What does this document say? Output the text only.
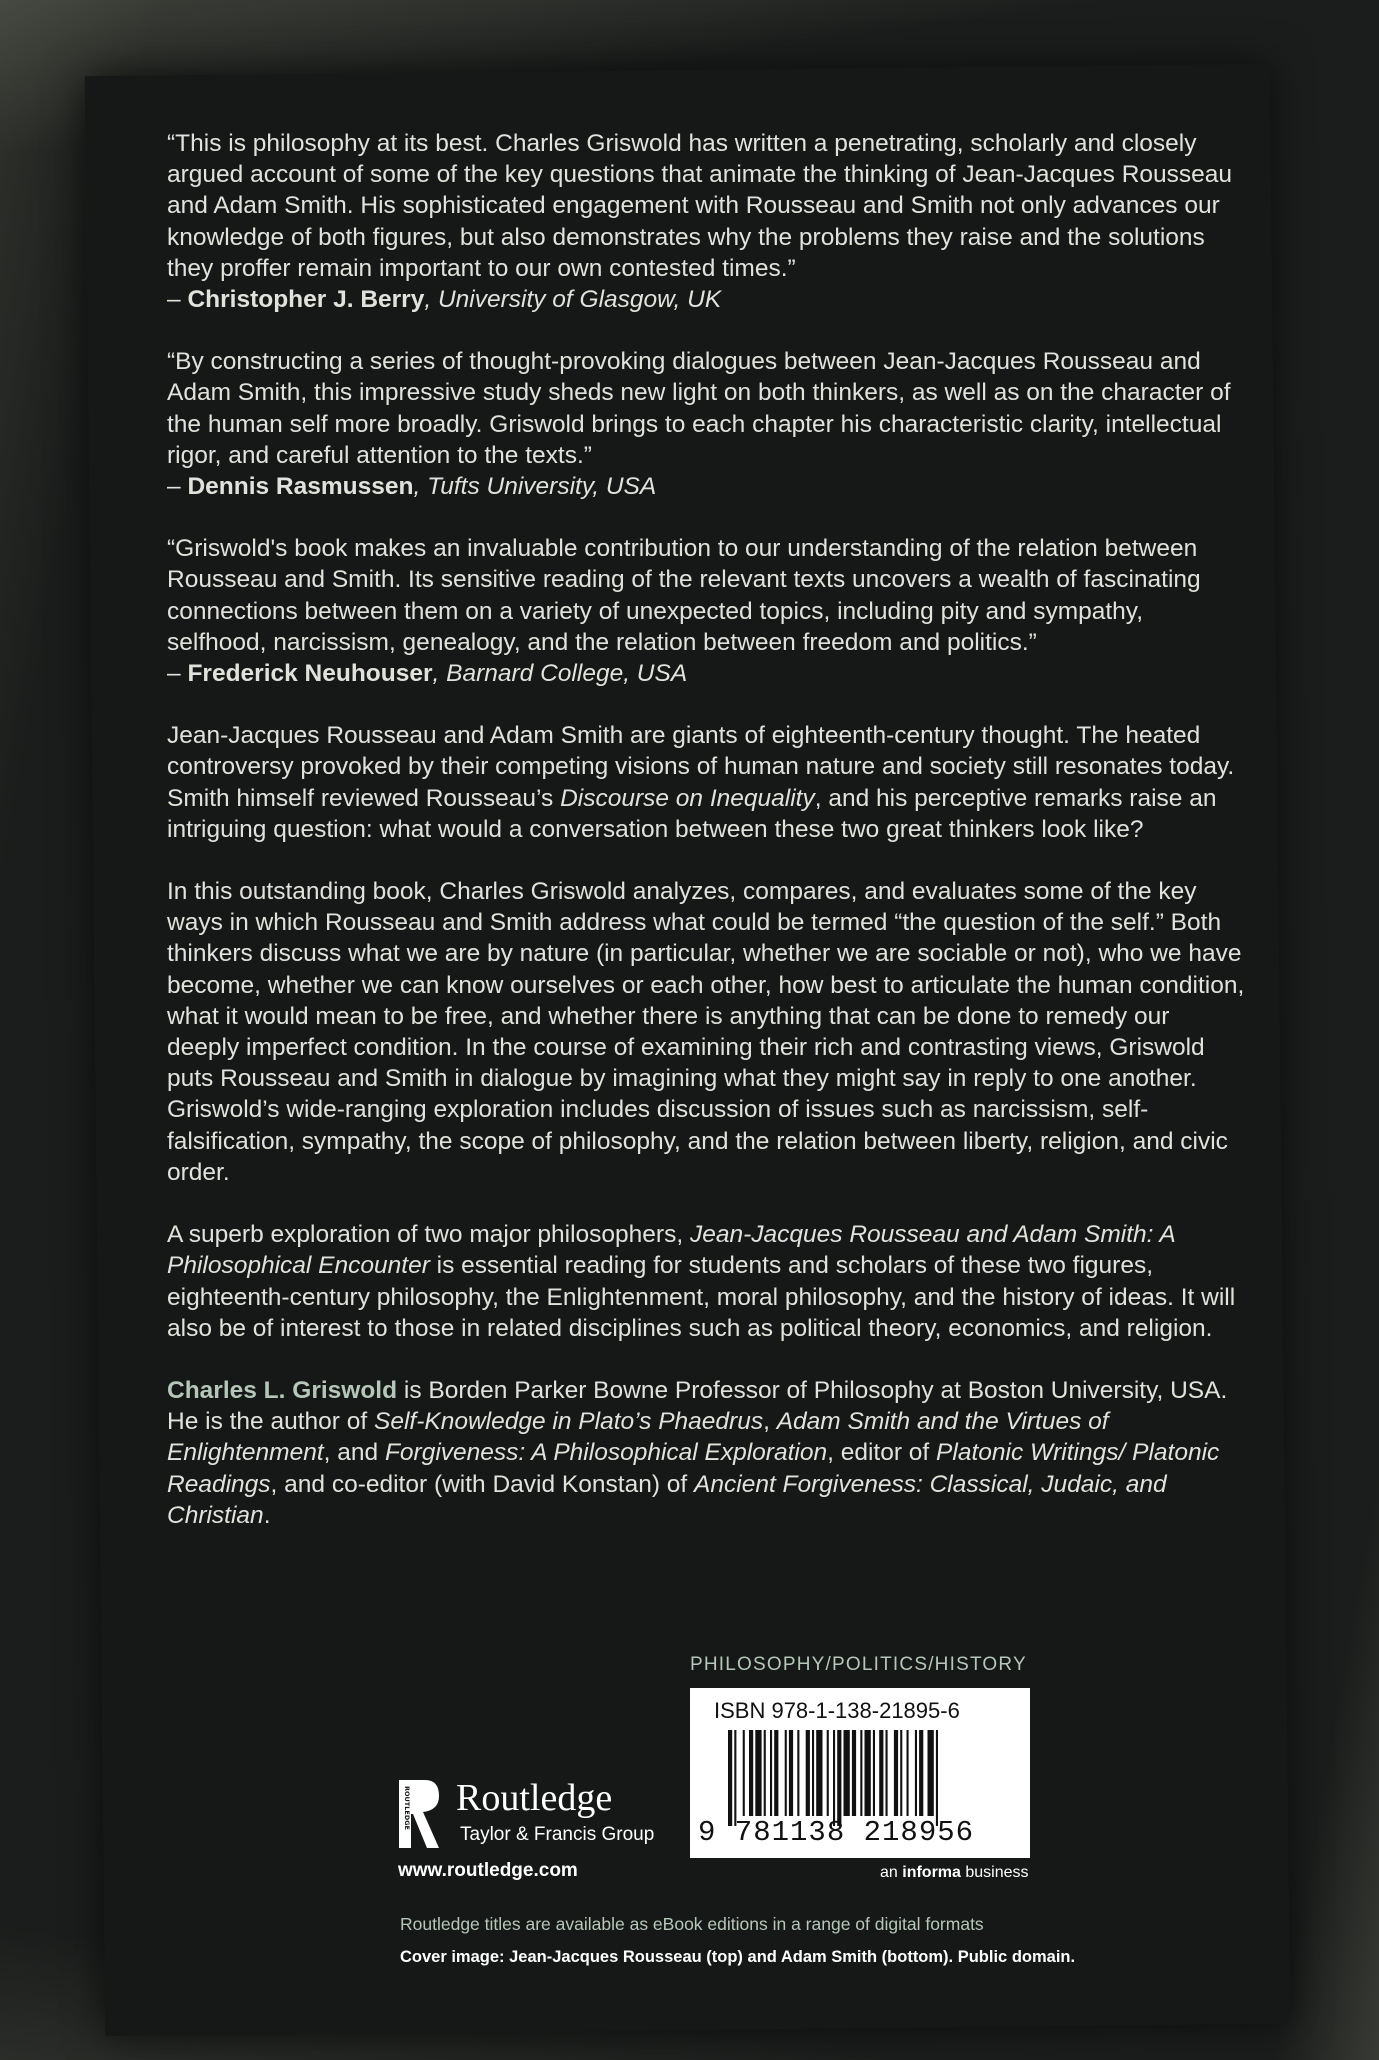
“This is philosophy at its best. Charles Griswold has written a penetrating, scholarly and closely argued account of some of the key questions that animate the thinking of Jean-Jacques Rousseau and Adam Smith. His sophisticated engagement with Rousseau and Smith not only advances our knowledge of both figures, but also demonstrates why the problems they raise and the solutions they proffer remain important to our own contested times.”

– Christopher J. Berry, University of Glasgow, UK

“By constructing a series of thought-provoking dialogues between Jean-Jacques Rousseau and Adam Smith, this impressive study sheds new light on both thinkers, as well as on the character of the human self more broadly. Griswold brings to each chapter his characteristic clarity, intellectual rigor, and careful attention to the texts.”

– Dennis Rasmussen, Tufts University, USA

“Griswold's book makes an invaluable contribution to our understanding of the relation between Rousseau and Smith. Its sensitive reading of the relevant texts uncovers a wealth of fascinating connections between them on a variety of unexpected topics, including pity and sympathy, selfhood, narcissism, genealogy, and the relation between freedom and politics.”

– Frederick Neuhouser, Barnard College, USA

Jean-Jacques Rousseau and Adam Smith are giants of eighteenth-century thought. The heated controversy provoked by their competing visions of human nature and society still resonates today. Smith himself reviewed Rousseau’s Discourse on Inequality, and his perceptive remarks raise an intriguing question: what would a conversation between these two great thinkers look like?

In this outstanding book, Charles Griswold analyzes, compares, and evaluates some of the key ways in which Rousseau and Smith address what could be termed “the question of the self.” Both thinkers discuss what we are by nature (in particular, whether we are sociable or not), who we have become, whether we can know ourselves or each other, how best to articulate the human condition, what it would mean to be free, and whether there is anything that can be done to remedy our deeply imperfect condition. In the course of examining their rich and contrasting views, Griswold puts Rousseau and Smith in dialogue by imagining what they might say in reply to one another. Griswold’s wide-ranging exploration includes discussion of issues such as narcissism, self-falsification, sympathy, the scope of philosophy, and the relation between liberty, religion, and civic order.

A superb exploration of two major philosophers, Jean-Jacques Rousseau and Adam Smith: A Philosophical Encounter is essential reading for students and scholars of these two figures, eighteenth-century philosophy, the Enlightenment, moral philosophy, and the history of ideas. It will also be of interest to those in related disciplines such as political theory, economics, and religion.

Charles L. Griswold is Borden Parker Bowne Professor of Philosophy at Boston University, USA. He is the author of Self-Knowledge in Plato’s Phaedrus, Adam Smith and the Virtues of Enlightenment, and Forgiveness: A Philosophical Exploration, editor of Platonic Writings/ Platonic Readings, and co-editor (with David Konstan) of Ancient Forgiveness: Classical, Judaic, and Christian.

PHILOSOPHY/POLITICS/HISTORY
ISBN 978-1-138-21895-6
9 781138 218956
an informa business
ROUTLEDGE Routledge
Taylor & Francis Group
www.routledge.com
Routledge titles are available as eBook editions in a range of digital formats
Cover image: Jean-Jacques Rousseau (top) and Adam Smith (bottom). Public domain.
